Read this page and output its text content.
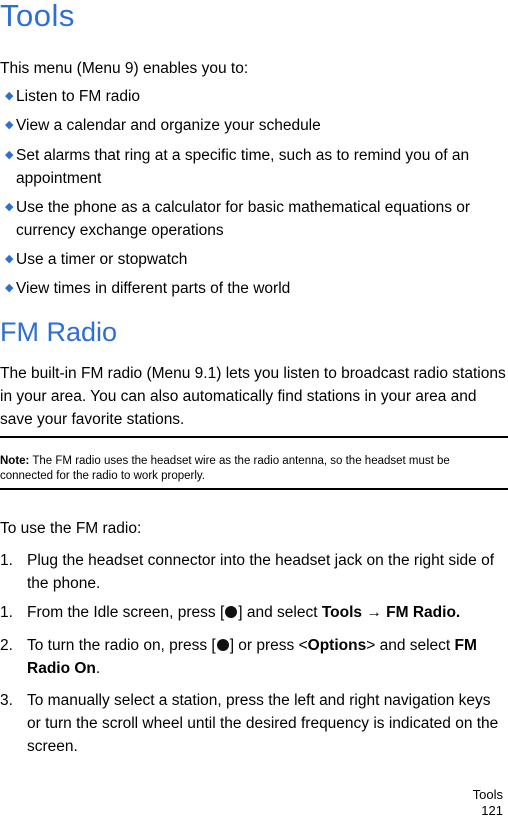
Tools
This menu (Menu 9) enables you to:
◆ Listen to FM radio
◆ View a calendar and organize your schedule
◆ Set alarms that ring at a specific time, such as to remind you of an appointment
◆ Use the phone as a calculator for basic mathematical equations or currency exchange operations
◆ Use a timer or stopwatch
◆ View times in different parts of the world
FM Radio
The built-in FM radio (Menu 9.1) lets you listen to broadcast radio stations in your area. You can also automatically find stations in your area and save your favorite stations.
Note: The FM radio uses the headset wire as the radio antenna, so the headset must be connected for the radio to work properly.
To use the FM radio:
1. Plug the headset connector into the headset jack on the right side of the phone.
1. From the Idle screen, press [ ] and select Tools → FM Radio.
2. To turn the radio on, press [ ] or press <Options> and select FM Radio On.
3. To manually select a station, press the left and right navigation keys or turn the scroll wheel until the desired frequency is indicated on the screen.
Tools
121
